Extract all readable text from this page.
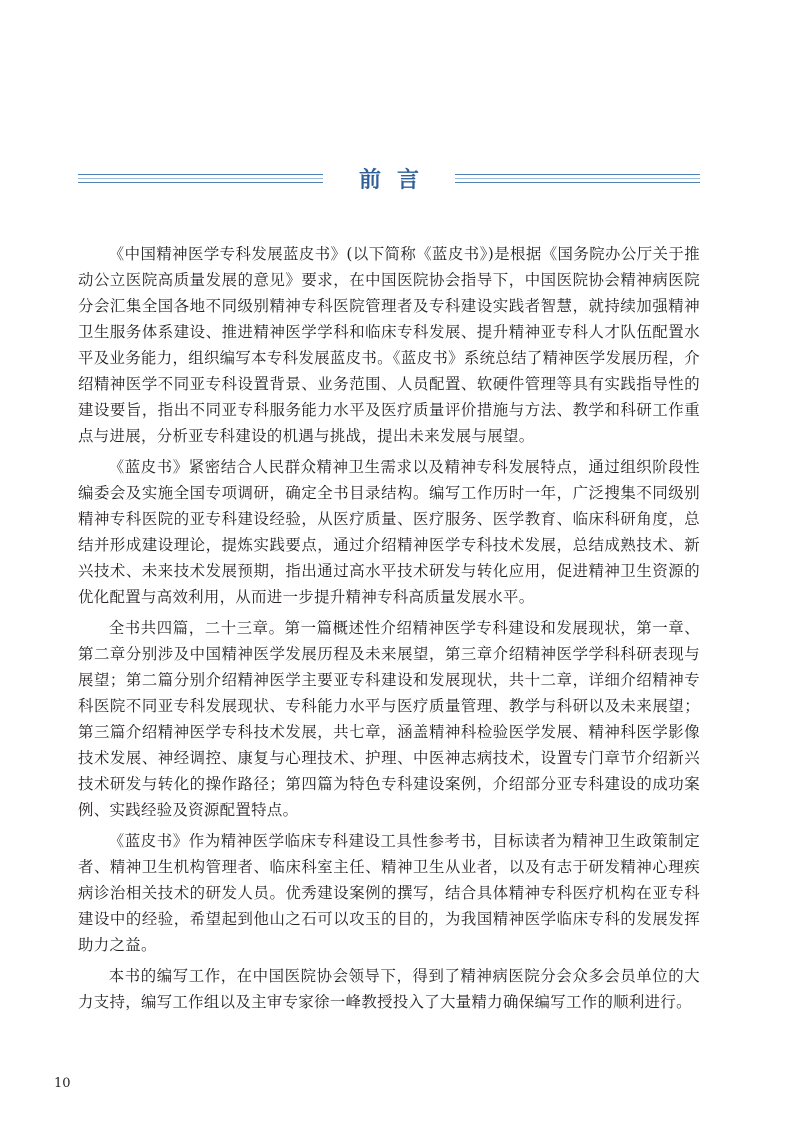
前言

《中国精神医学专科发展蓝皮书》(以下简称《蓝皮书》)是根据《国务院办公厅关于推动公立医院高质量发展的意见》要求，在中国医院协会指导下，中国医院协会精神病医院分会汇集全国各地不同级别精神专科医院管理者及专科建设实践者智慧，就持续加强精神卫生服务体系建设、推进精神医学学科和临床专科发展、提升精神亚专科人才队伍配置水平及业务能力，组织编写本专科发展蓝皮书。《蓝皮书》系统总结了精神医学发展历程，介绍精神医学不同亚专科设置背景、业务范围、人员配置、软硬件管理等具有实践指导性的建设要旨，指出不同亚专科服务能力水平及医疗质量评价措施与方法、教学和科研工作重点与进展，分析亚专科建设的机遇与挑战，提出未来发展与展望。

《蓝皮书》紧密结合人民群众精神卫生需求以及精神专科发展特点，通过组织阶段性编委会及实施全国专项调研，确定全书目录结构。编写工作历时一年，广泛搜集不同级别精神专科医院的亚专科建设经验，从医疗质量、医疗服务、医学教育、临床科研角度，总结并形成建设理论，提炼实践要点，通过介绍精神医学专科技术发展，总结成熟技术、新兴技术、未来技术发展预期，指出通过高水平技术研发与转化应用，促进精神卫生资源的优化配置与高效利用，从而进一步提升精神专科高质量发展水平。

全书共四篇，二十三章。第一篇概述性介绍精神医学专科建设和发展现状，第一章、第二章分别涉及中国精神医学发展历程及未来展望，第三章介绍精神医学学科科研表现与展望；第二篇分别介绍精神医学主要亚专科建设和发展现状，共十二章，详细介绍精神专科医院不同亚专科发展现状、专科能力水平与医疗质量管理、教学与科研以及未来展望；第三篇介绍精神医学专科技术发展，共七章，涵盖精神科检验医学发展、精神科医学影像技术发展、神经调控、康复与心理技术、护理、中医神志病技术，设置专门章节介绍新兴技术研发与转化的操作路径；第四篇为特色专科建设案例，介绍部分亚专科建设的成功案例、实践经验及资源配置特点。

《蓝皮书》作为精神医学临床专科建设工具性参考书，目标读者为精神卫生政策制定者、精神卫生机构管理者、临床科室主任、精神卫生从业者，以及有志于研发精神心理疾病诊治相关技术的研发人员。优秀建设案例的撰写，结合具体精神专科医疗机构在亚专科建设中的经验，希望起到他山之石可以攻玉的目的，为我国精神医学临床专科的发展发挥助力之益。

本书的编写工作，在中国医院协会领导下，得到了精神病医院分会众多会员单位的大力支持，编写工作组以及主审专家徐一峰教授投入了大量精力确保编写工作的顺利进行。

10
